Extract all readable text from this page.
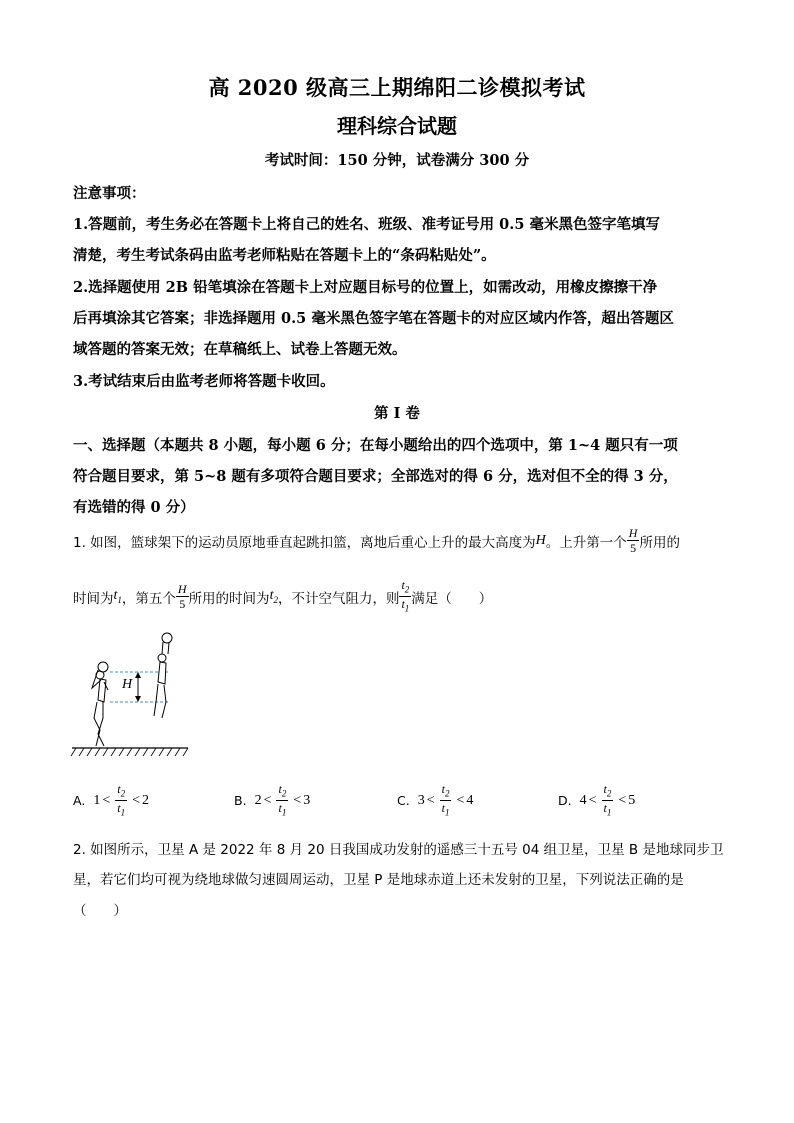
高 2020 级高三上期绵阳二诊模拟考试
理科综合试题
考试时间：150 分钟，试卷满分 300 分
注意事项：
1.答题前，考生务必在答题卡上将自己的姓名、班级、准考证号用 0.5 毫米黑色签字笔填写
清楚，考生考试条码由监考老师粘贴在答题卡上的“条码粘贴处”。
2.选择题使用 2B 铅笔填涂在答题卡上对应题目标号的位置上，如需改动，用橡皮擦擦干净
后再填涂其它答案；非选择题用 0.5 毫米黑色签字笔在答题卡的对应区域内作答，超出答题区
域答题的答案无效；在草稿纸上、试卷上答题无效。
3.考试结束后由监考老师将答题卡收回。
第 I 卷
一、选择题（本题共 8 小题，每小题 6 分；在每小题给出的四个选项中，第 1~4 题只有一项
符合题目要求，第 5~8 题有多项符合题目要求；全部选对的得 6 分，选对但不全的得 3 分，
有选错的得 0 分）
1. 如图，篮球架下的运动员原地垂直起跳扣篮，离地后重心上升的最大高度为 H 。上升第一个 $\frac{H}{5}$ 所用的
时间为 $t_1$ ，第五个 $\frac{H}{5}$ 所用的时间为 $t_2$ ，不计空气阻力，则 $\frac{t_2}{t_1}$ 满足（　　）
H
A. $1 < \frac{t_2}{t_1} < 2$	B. $2 < \frac{t_2}{t_1} < 3$	C. $3 < \frac{t_2}{t_1} < 4$	D. $4 < \frac{t_2}{t_1} < 5$
2. 如图所示，卫星 A 是 2022 年 8 月 20 日我国成功发射的遥感三十五号 04 组卫星，卫星 B 是地球同步卫
星，若它们均可视为绕地球做匀速圆周运动，卫星 P 是地球赤道上还未发射的卫星，下列说法正确的是
（　　）
